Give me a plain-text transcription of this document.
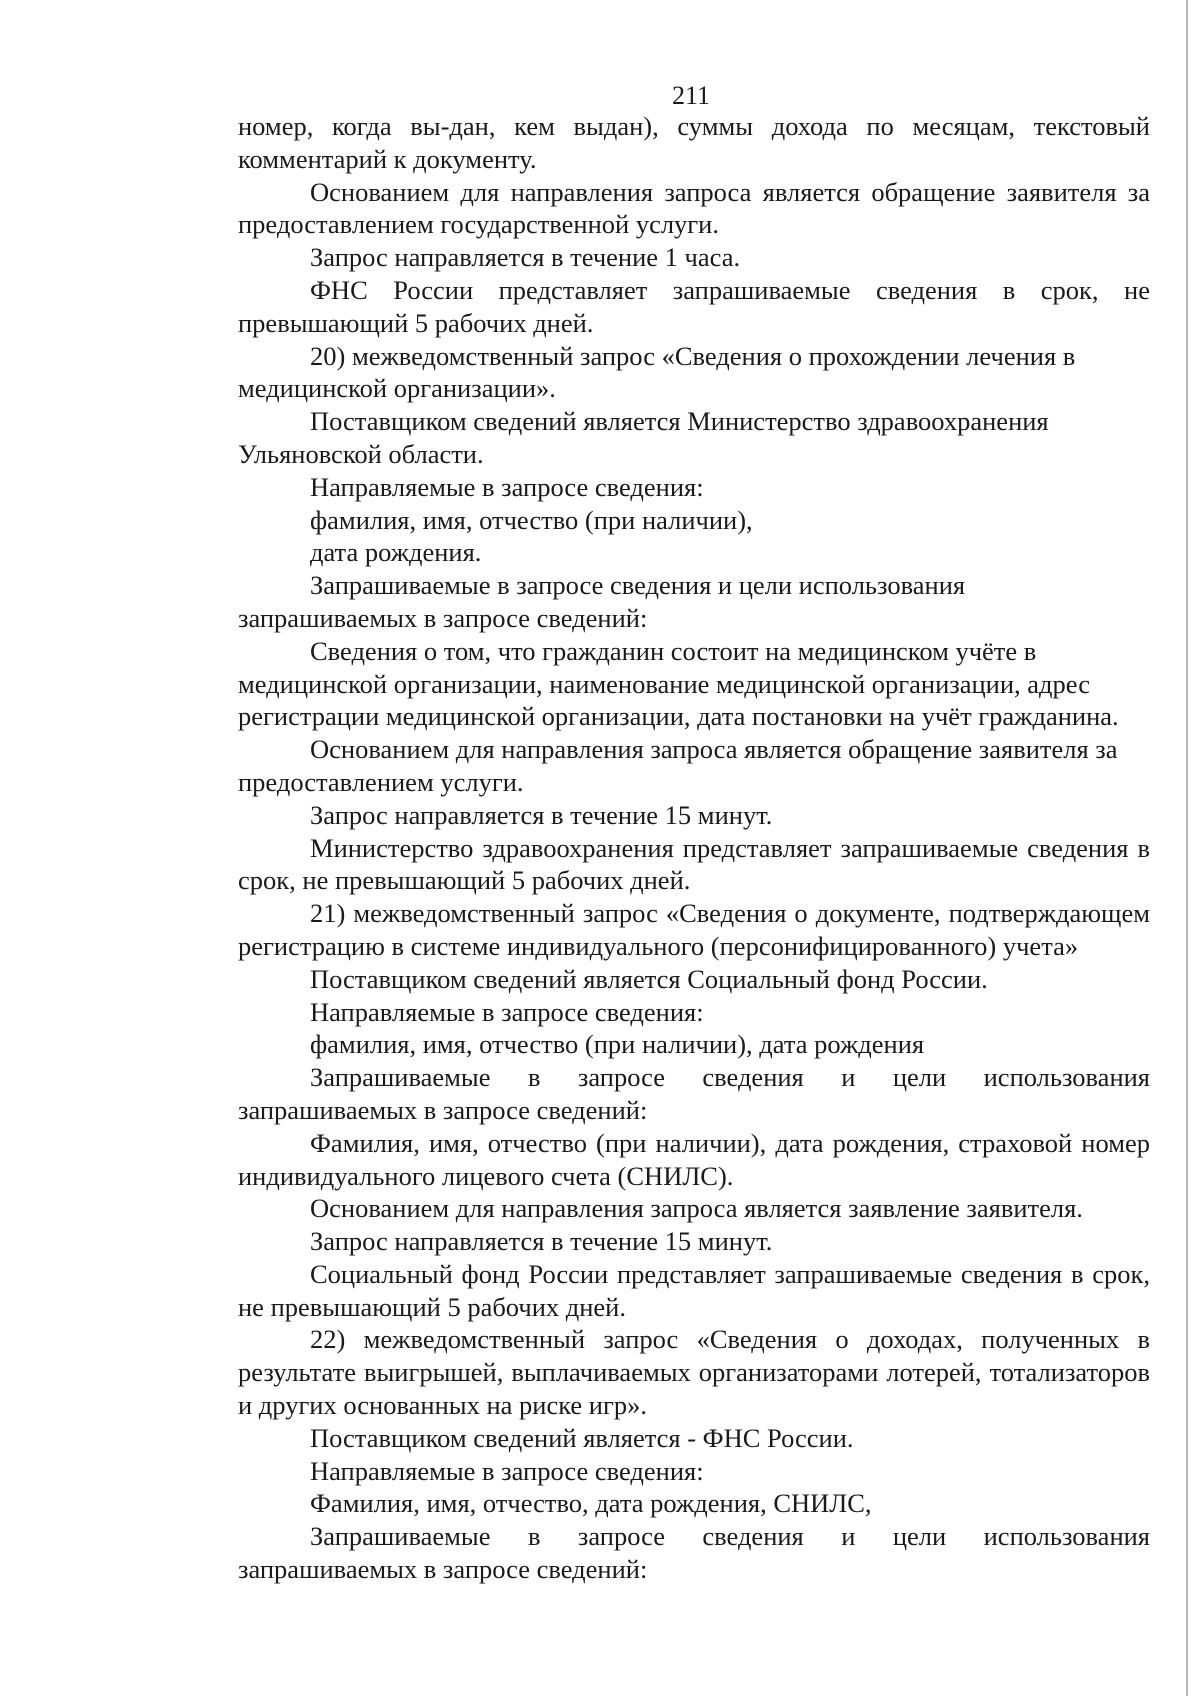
211

номер, когда вы-дан, кем выдан), суммы дохода по месяцам, текстовый комментарий к документу.

Основанием для направления запроса является обращение заявителя за предоставлением государственной услуги.

Запрос направляется в течение 1 часа.

ФНС России представляет запрашиваемые сведения в срок, не превышающий 5 рабочих дней.

20) межведомственный запрос «Сведения о прохождении лечения в медицинской организации».

Поставщиком сведений является Министерство здравоохранения Ульяновской области.

Направляемые в запросе сведения:

фамилия, имя, отчество (при наличии),

дата рождения.

Запрашиваемые в запросе сведения и цели использования запрашиваемых в запросе сведений:

Сведения о том, что гражданин состоит на медицинском учёте в медицинской организации, наименование медицинской организации, адрес регистрации медицинской организации, дата постановки на учёт гражданина.

Основанием для направления запроса является обращение заявителя за предоставлением услуги.

Запрос направляется в течение 15 минут.

Министерство здравоохранения представляет запрашиваемые сведения в срок, не превышающий 5 рабочих дней.

21) межведомственный запрос «Сведения о документе, подтверждающем регистрацию в системе индивидуального (персонифицированного) учета»

Поставщиком сведений является Социальный фонд России.

Направляемые в запросе сведения:

фамилия, имя, отчество (при наличии), дата рождения

Запрашиваемые в запросе сведения и цели использования запрашиваемых в запросе сведений:

Фамилия, имя, отчество (при наличии), дата рождения, страховой номер индивидуального лицевого счета (СНИЛС).

Основанием для направления запроса является заявление заявителя.

Запрос направляется в течение 15 минут.

Социальный фонд России представляет запрашиваемые сведения в срок, не превышающий 5 рабочих дней.

22) межведомственный запрос «Сведения о доходах, полученных в результате выигрышей, выплачиваемых организаторами лотерей, тотализаторов и других основанных на риске игр».

Поставщиком сведений является - ФНС России.

Направляемые в запросе сведения:

Фамилия, имя, отчество, дата рождения, СНИЛС,

Запрашиваемые в запросе сведения и цели использования запрашиваемых в запросе сведений:
